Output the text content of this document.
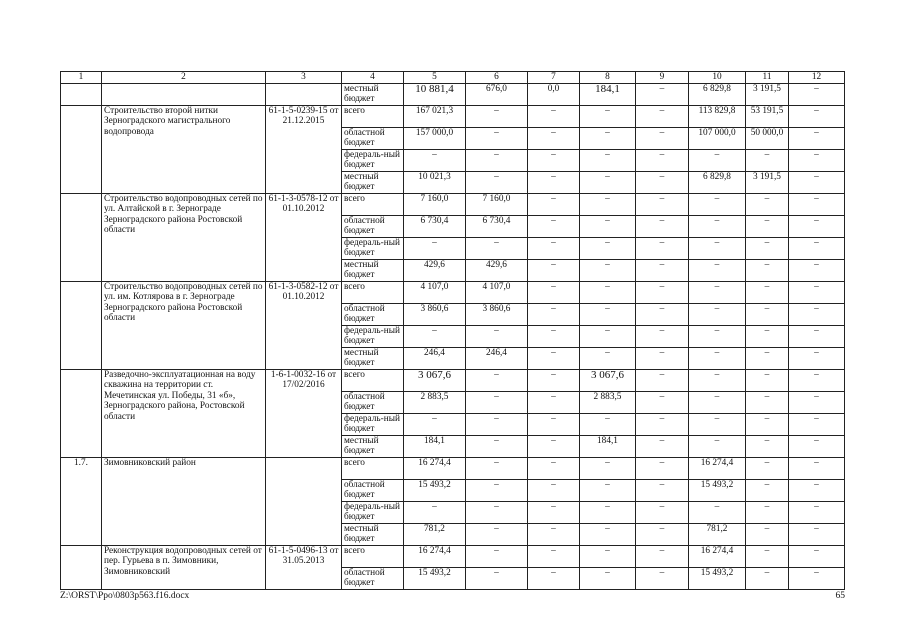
1	2	3	4	5	6	7	8	9	10	11	12
			местный бюджет	10 881,4	676,0	0,0	184,1	–	6 829,8	3 191,5	–
	Строительство второй нитки Зерноградского магистрального водопровода	61-1-5-0239-15 от 21.12.2015	всего	167 021,3	–	–	–	–	113 829,8	53 191,5	–
			областной бюджет	157 000,0	–	–	–	–	107 000,0	50 000,0	–
			федераль-ный бюджет	–	–	–	–	–	–	–	–
			местный бюджет	10 021,3	–	–	–	–	6 829,8	3 191,5	–
	Строительство водопроводных сетей по ул. Алтайской в г. Зернограде Зерноградского района Ростовской области	61-1-3-0578-12 от 01.10.2012	всего	7 160,0	7 160,0	–	–	–	–	–	–
			областной бюджет	6 730,4	6 730,4	–	–	–	–	–	–
			федераль-ный бюджет	–	–	–	–	–	–	–	–
			местный бюджет	429,6	429,6	–	–	–	–	–	–
	Строительство водопроводных сетей по ул. им. Котлярова в г. Зернограде Зерноградского района Ростовской области	61-1-3-0582-12 от 01.10.2012	всего	4 107,0	4 107,0	–	–	–	–	–	–
			областной бюджет	3 860,6	3 860,6	–	–	–	–	–	–
			федераль-ный бюджет	–	–	–	–	–	–	–	–
			местный бюджет	246,4	246,4	–	–	–	–	–	–
	Разведочно-эксплуатационная на воду скважина на территории ст. Мечетинская ул. Победы, 31 «б», Зерноградского района, Ростовской области	1-6-1-0032-16 от 17/02/2016	всего	3 067,6	–	–	3 067,6	–	–	–	–
			областной бюджет	2 883,5	–	–	2 883,5	–	–	–	–
			федераль-ный бюджет	–	–	–	–	–	–	–	–
			местный бюджет	184,1	–	–	184,1	–	–	–	–
1.7.	Зимовниковский район		всего	16 274,4	–	–	–	–	16 274,4	–	–
			областной бюджет	15 493,2	–	–	–	–	15 493,2	–	–
			федераль-ный бюджет	–	–	–	–	–	–	–	–
			местный бюджет	781,2	–	–	–	–	781,2	–	–
	Реконструкция водопроводных сетей от пер. Гурьева в п. Зимовники, Зимовниковский	61-1-5-0496-13 от 31.05.2013	всего	16 274,4	–	–	–	–	16 274,4	–	–
			областной бюджет	15 493,2	–	–	–	–	15 493,2	–	–
Z:\ORST\Ppo\0803p563.f16.docx	65
